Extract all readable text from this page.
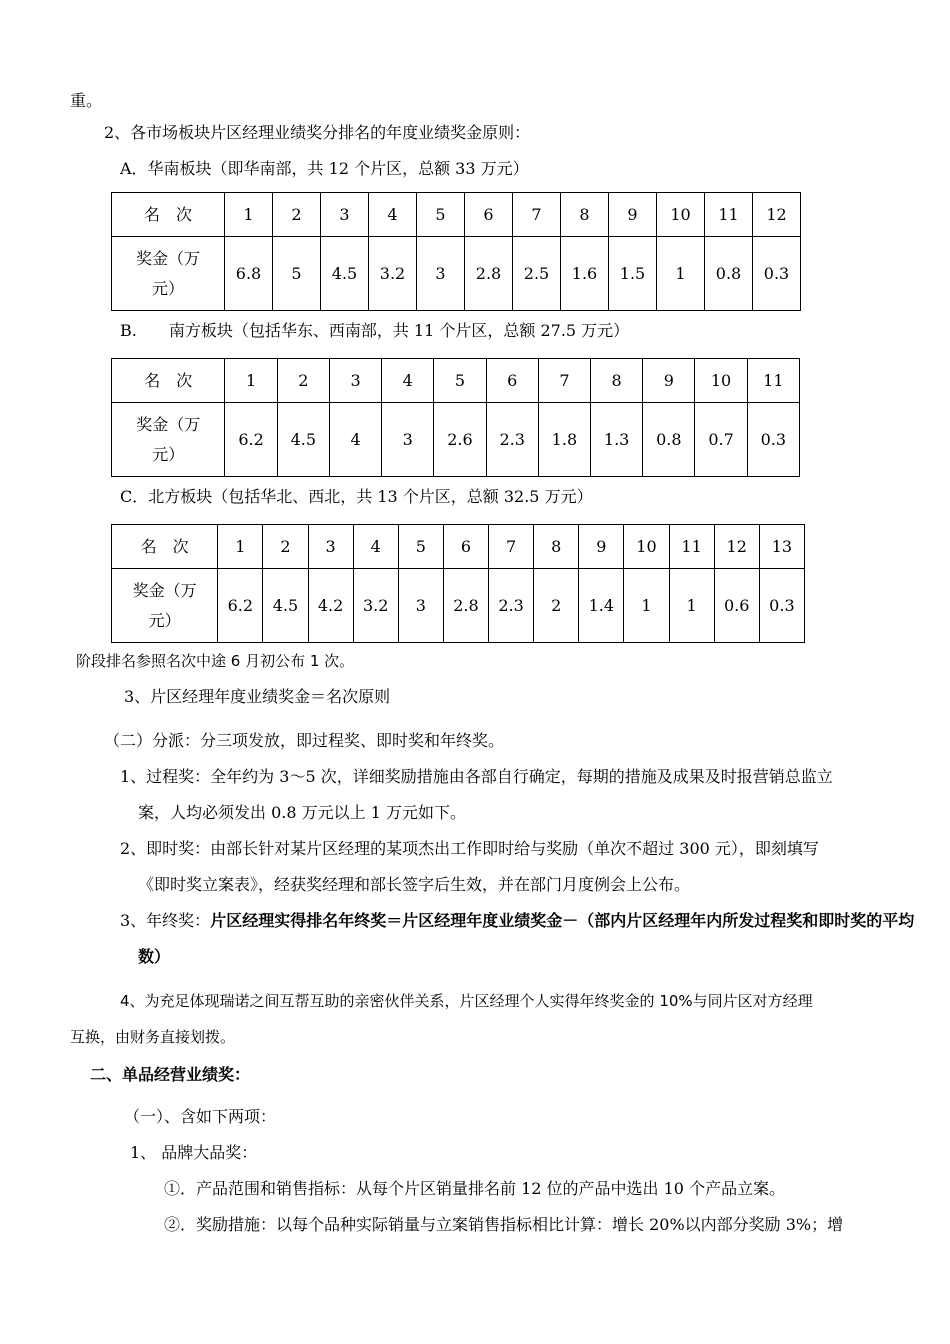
重。
2、各市场板块片区经理业绩奖分排名的年度业绩奖金原则：
A．华南板块（即华南部，共 12 个片区，总额 33 万元）
名　次	1	2	3	4	5	6	7	8	9	10	11	12

奖金（万
元）	6.8	5	4.5	3.2	3	2.8	2.5	1.6	1.5	1	0.8	0.3
B.　　南方板块（包括华东、西南部，共 11 个片区，总额 27.5 万元）
名　次	1	2	3	4	5	6	7	8	9	10	11

奖金（万
元）	6.2	4.5	4	3	2.6	2.3	1.8	1.3	0.8	0.7	0.3
C．北方板块（包括华北、西北，共 13 个片区，总额 32.5 万元）
名　次	1	2	3	4	5	6	7	8	9	10	11	12	13

奖金（万
元）	6.2	4.5	4.2	3.2	3	2.8	2.3	2	1.4	1	1	0.6	0.3
阶段排名参照名次中途 6 月初公布 1 次。
3、片区经理年度业绩奖金＝名次原则
（二）分派：分三项发放，即过程奖、即时奖和年终奖。
1、过程奖：全年约为 3～5 次，详细奖励措施由各部自行确定，每期的措施及成果及时报营销总监立
案，人均必须发出 0.8 万元以上 1 万元如下。
2、即时奖：由部长针对某片区经理的某项杰出工作即时给与奖励（单次不超过 300 元），即刻填写
《即时奖立案表》，经获奖经理和部长签字后生效，并在部门月度例会上公布。
3、年终奖：片区经理实得排名年终奖＝片区经理年度业绩奖金－（部内片区经理年内所发过程奖和即时奖的平均
数）
4、为充足体现瑞诺之间互帮互助的亲密伙伴关系，片区经理个人实得年终奖金的 10%与同片区对方经理
互换，由财务直接划拨。
二、单品经营业绩奖：
（一）、含如下两项：
1、 品牌大品奖：
①．产品范围和销售指标：从每个片区销量排名前 12 位的产品中选出 10 个产品立案。
②．奖励措施：以每个品种实际销量与立案销售指标相比计算：增长 20%以内部分奖励 3%；增
